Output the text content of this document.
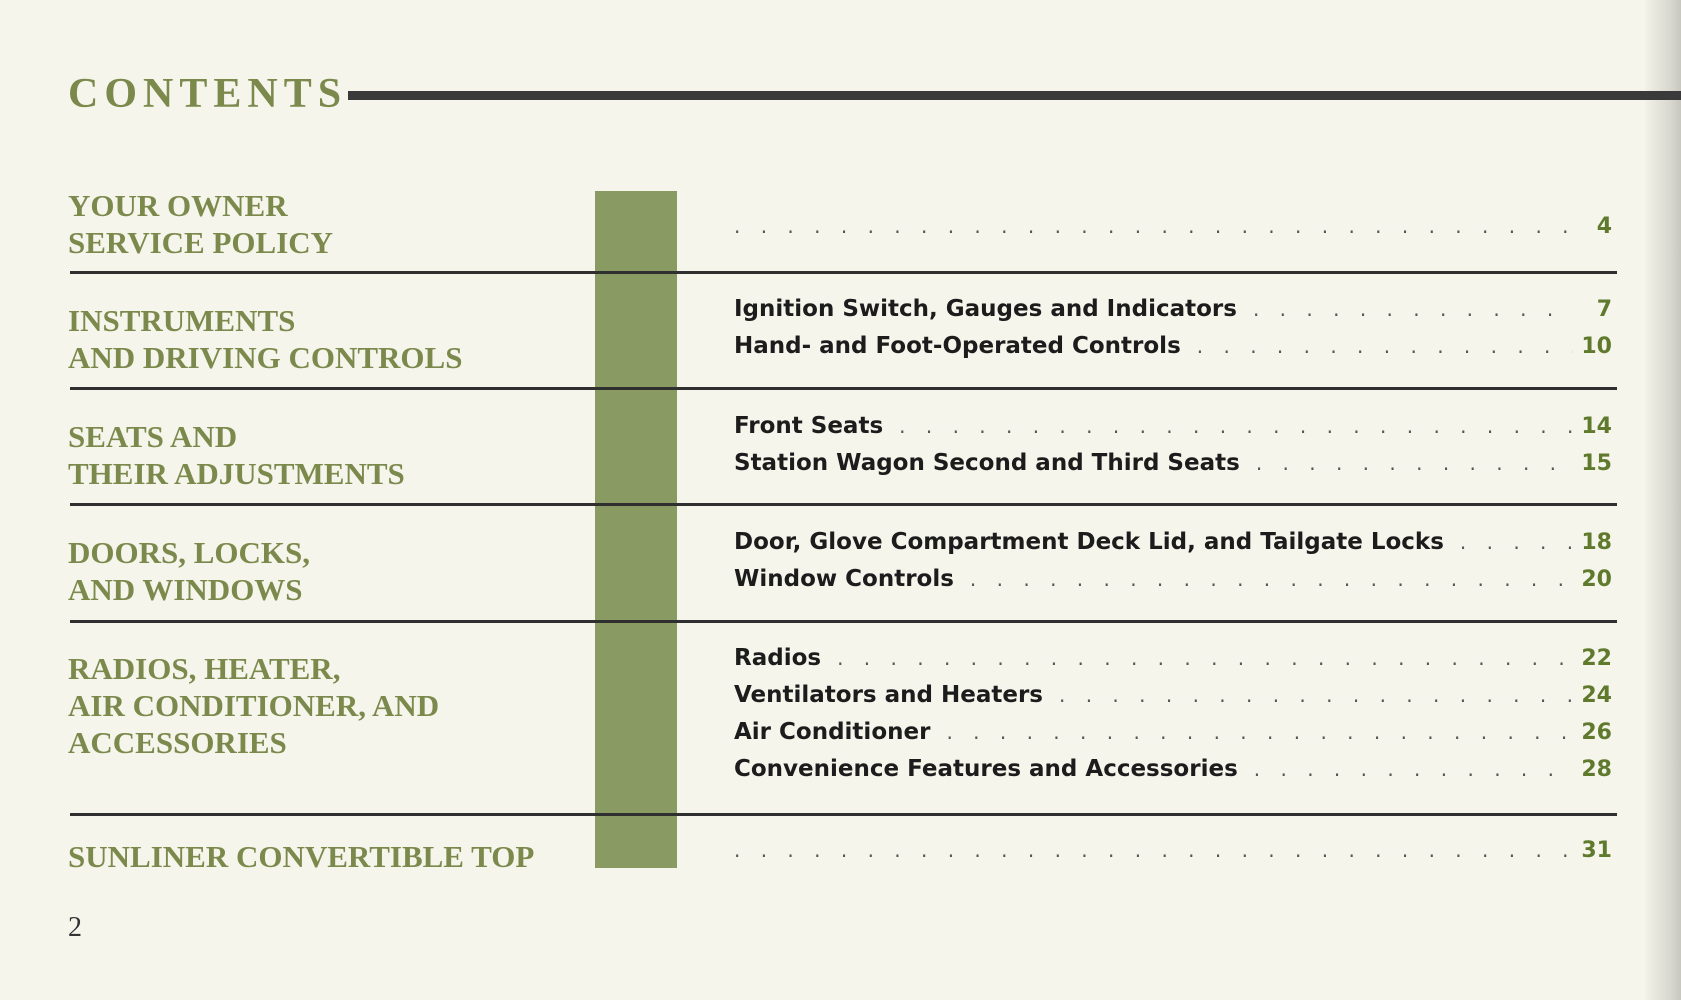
CONTENTS
YOUR OWNER
SERVICE POLICY . . .	4
INSTRUMENTS
AND DRIVING CONTROLS
Ignition Switch, Gauges and Indicators . . .	7
Hand- and Foot-Operated Controls . . .	10
SEATS AND
THEIR ADJUSTMENTS
Front Seats . . .	14
Station Wagon Second and Third Seats . . .	15
DOORS, LOCKS,
AND WINDOWS
Door, Glove Compartment Deck Lid, and Tailgate Locks . . .	18
Window Controls . . .	20
RADIOS, HEATER,
AIR CONDITIONER, AND
ACCESSORIES
Radios . . .	22
Ventilators and Heaters . . .	24
Air Conditioner . . .	26
Convenience Features and Accessories . . .	28
SUNLINER CONVERTIBLE TOP . . .	31
2
